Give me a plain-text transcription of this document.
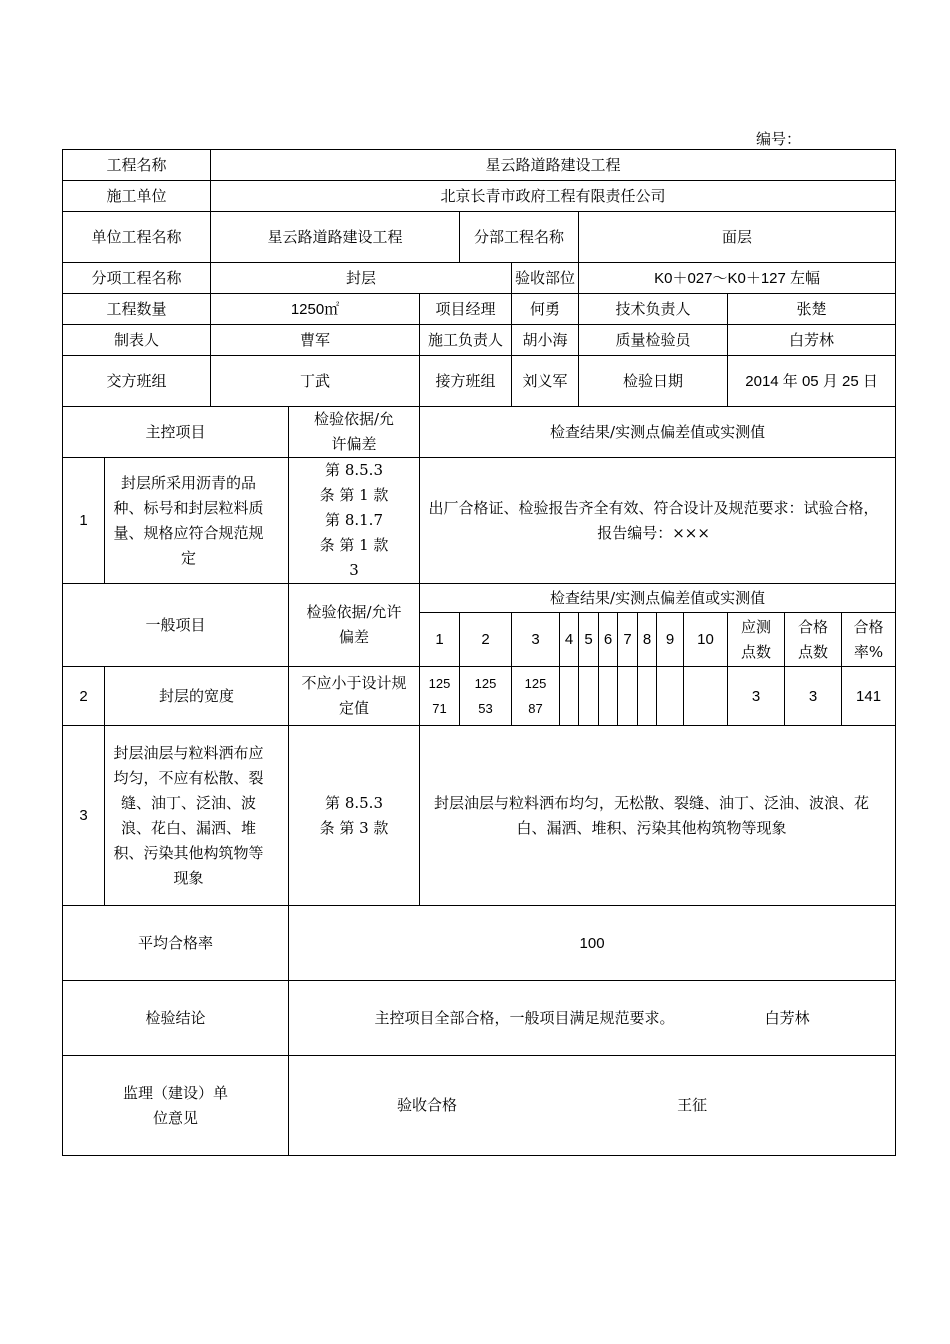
编号：
工程名称		星云路道路建设工程														
施工单位		北京长青市政府工程有限责任公司														
单位工程名称		星云路道路建设工程			分部工程名称			面层								
分项工程名称		封层				验收部位		K0＋027～K0＋127 左幅								
工程数量		1250㎡		项目经理		何勇		技术负责人						张楚		
制表人		曹军		施工负责人		胡小海		质量检验员						白芳林		
交方班组		丁武		接方班组		刘义军		检验日期						2014 年 05 月 25 日		
主控项目			检验依据/允许偏差	检查结果/实测点偏差值或实测值												
1	封层所采用沥青的品种、标号和封层粒料质量、规格应符合规范规定		第 8.5.3 条 第 1 款 第 8.1.7 条 第 1 款 3	出厂合格证、检验报告齐全有效、符合设计及规范要求：试验合格，报告编号：×××												
一般项目			检验依据/允许偏差	检查结果/实测点偏差值或实测值												
				1	2	3	4	5	6	7	8	9	10	应测点数	合格点数	合格率%
2	封层的宽度		不应小于设计规定值	125 71	125 53	125 87								3	3	141
3	封层油层与粒料洒布应均匀，不应有松散、裂缝、油丁、泛油、波浪、花白、漏洒、堆积、污染其他构筑物等现象		第 8.5.3 条 第 3 款	封层油层与粒料洒布均匀，无松散、裂缝、油丁、泛油、波浪、花白、漏洒、堆积、污染其他构筑物等现象												
平均合格率			100													
检验结论			主控项目全部合格，一般项目满足规范要求。 白芳林													
监理（建设）单位意见			验收合格 王征													
